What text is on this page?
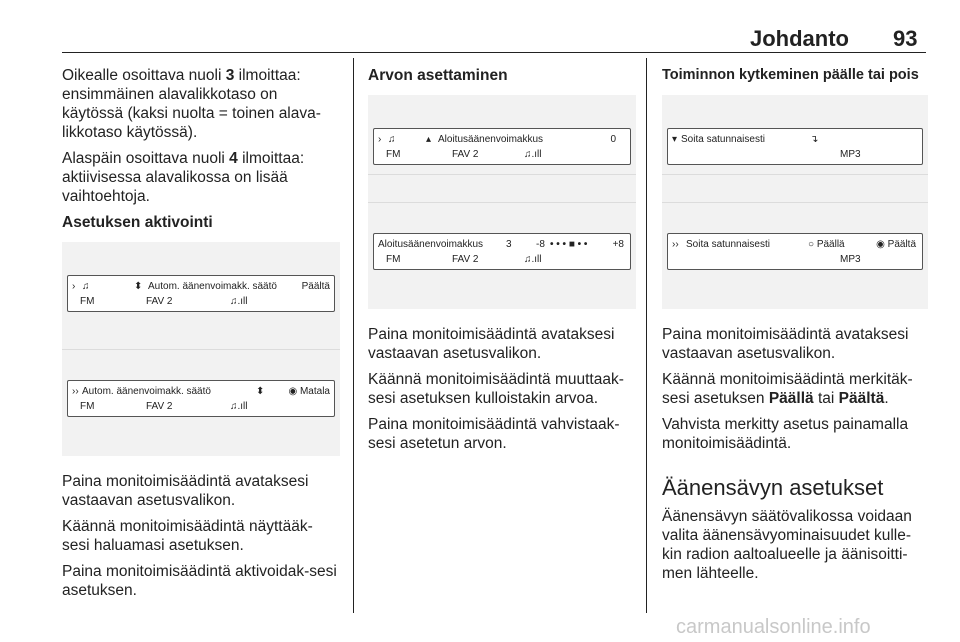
Johdanto 93

Oikealle osoittava nuoli 3 ilmoittaa: ensimmäinen alavalikkotaso on käytössä (kaksi nuolta = toinen alava-likkotaso käytössä).

Alaspäin osoittava nuoli 4 ilmoittaa: aktiivisessa alavalikossa on lisää vaihtoehtoja.

Asetuksen aktivointi

› ♫	⬍ Autom. äänenvoimakk. säätö Päältä
FM	FAV 2	♫.ıll
›› Autom. äänenvoimakk. säätö	⬍ ◉ Matala
FM	FAV 2	♫.ıll

Paina monitoimisäädintä avataksesi vastaavan asetusvalikon.

Käännä monitoimisäädintä näyttääk-sesi haluamasi asetuksen.

Paina monitoimisäädintä aktivoidak-sesi asetuksen.

Arvon asettaminen

› ♫	▴ Aloitusäänenvoimakkus	0
FM	FAV 2	♫.ıll
Aloitusäänenvoimakkus 3 -8 • • • ■ • •	+8
FM	FAV 2	♫.ıll

Paina monitoimisäädintä avataksesi vastaavan asetusvalikon.

Käännä monitoimisäädintä muuttaak-sesi asetuksen kulloistakin arvoa.

Paina monitoimisäädintä vahvistaak-sesi asetetun arvon.

Toiminnon kytkeminen päälle tai pois

▾ Soita satunnaisesti	↴
MP3
›› Soita satunnaisesti	○ Päällä	◉ Päältä
MP3

Paina monitoimisäädintä avataksesi vastaavan asetusvalikon.

Käännä monitoimisäädintä merkitäk-sesi asetuksen Päällä tai Päältä.

Vahvista merkitty asetus painamalla monitoimisäädintä.

Äänensävyn asetukset

Äänensävyn säätövalikossa voidaan valita äänensävyominaisuudet kulle-kin radion aaltoalueelle ja äänisoitti-men lähteelle.

carmanualsonline.info
